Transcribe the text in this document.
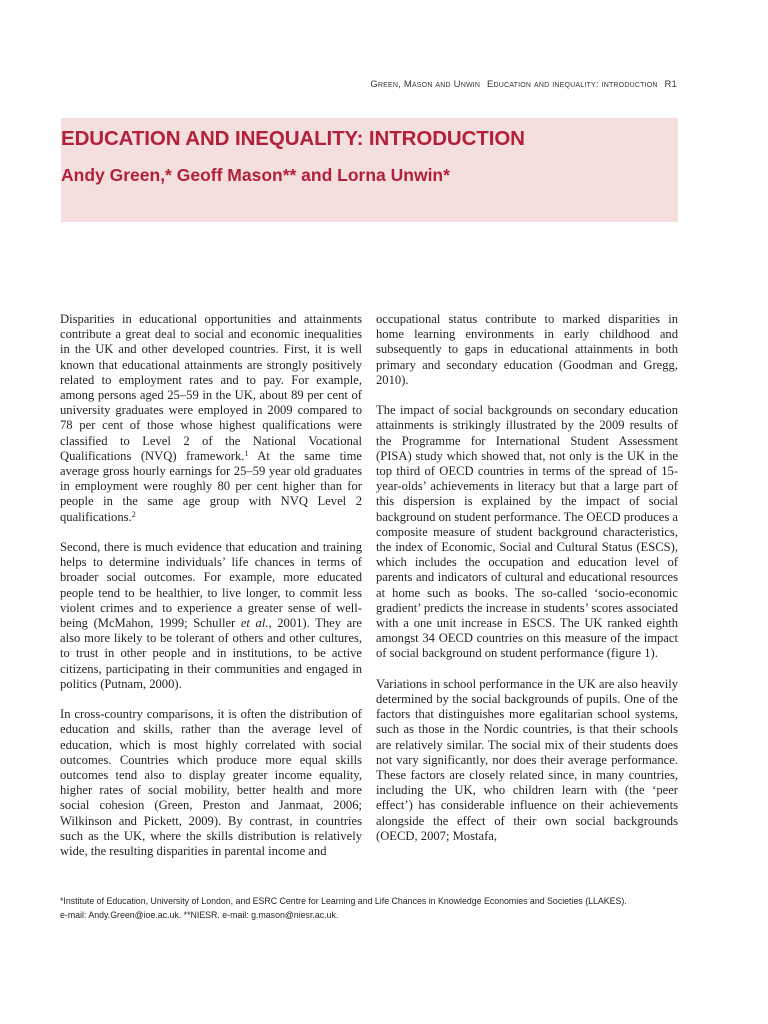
Green, Mason and Unwin Education and inequality: introduction R1
EDUCATION AND INEQUALITY: INTRODUCTION
Andy Green,* Geoff Mason** and Lorna Unwin*

Disparities in educational opportunities and attainments contribute a great deal to social and economic inequalities in the UK and other developed countries. First, it is well known that educational attainments are strongly positively related to employment rates and to pay. For example, among persons aged 25–59 in the UK, about 89 per cent of university graduates were employed in 2009 compared to 78 per cent of those whose highest qualifications were classified to Level 2 of the National Vocational Qualifications (NVQ) framework.$^1$ At the same time average gross hourly earnings for 25–59 year old graduates in employment were roughly 80 per cent higher than for people in the same age group with NVQ Level 2 qualifications.$^2$

Second, there is much evidence that education and training helps to determine individuals’ life chances in terms of broader social outcomes. For example, more educated people tend to be healthier, to live longer, to commit less violent crimes and to experience a greater sense of well-being (McMahon, 1999; Schuller et al., 2001). They are also more likely to be tolerant of others and other cultures, to trust in other people and in institutions, to be active citizens, participating in their communities and engaged in politics (Putnam, 2000).

In cross-country comparisons, it is often the distribution of education and skills, rather than the average level of education, which is most highly correlated with social outcomes. Countries which produce more equal skills outcomes tend also to display greater income equality, higher rates of social mobility, better health and more social cohesion (Green, Preston and Janmaat, 2006; Wilkinson and Pickett, 2009). By contrast, in countries such as the UK, where the skills distribution is relatively wide, the resulting disparities in parental income and

occupational status contribute to marked disparities in home learning environments in early childhood and subsequently to gaps in educational attainments in both primary and secondary education (Goodman and Gregg, 2010).

The impact of social backgrounds on secondary education attainments is strikingly illustrated by the 2009 results of the Programme for International Student Assessment (PISA) study which showed that, not only is the UK in the top third of OECD countries in terms of the spread of 15-year-olds’ achievements in literacy but that a large part of this dispersion is explained by the impact of social background on student performance. The OECD produces a composite measure of student background characteristics, the index of Economic, Social and Cultural Status (ESCS), which includes the occupation and education level of parents and indicators of cultural and educational resources at home such as books. The so-called ‘socio-economic gradient’ predicts the increase in students’ scores associated with a one unit increase in ESCS. The UK ranked eighth amongst 34 OECD countries on this measure of the impact of social background on student performance (figure 1).

Variations in school performance in the UK are also heavily determined by the social backgrounds of pupils. One of the factors that distinguishes more egalitarian school systems, such as those in the Nordic countries, is that their schools are relatively similar. The social mix of their students does not vary significantly, nor does their average performance. These factors are closely related since, in many countries, including the UK, who children learn with (the ‘peer effect’) has considerable influence on their achievements alongside the effect of their own social backgrounds (OECD, 2007; Mostafa,

*Institute of Education, University of London, and ESRC Centre for Learning and Life Chances in Knowledge Economies and Societies (LLAKES).

e-mail: Andy.Green@ioe.ac.uk. **NIESR. e-mail: g.mason@niesr.ac.uk.
